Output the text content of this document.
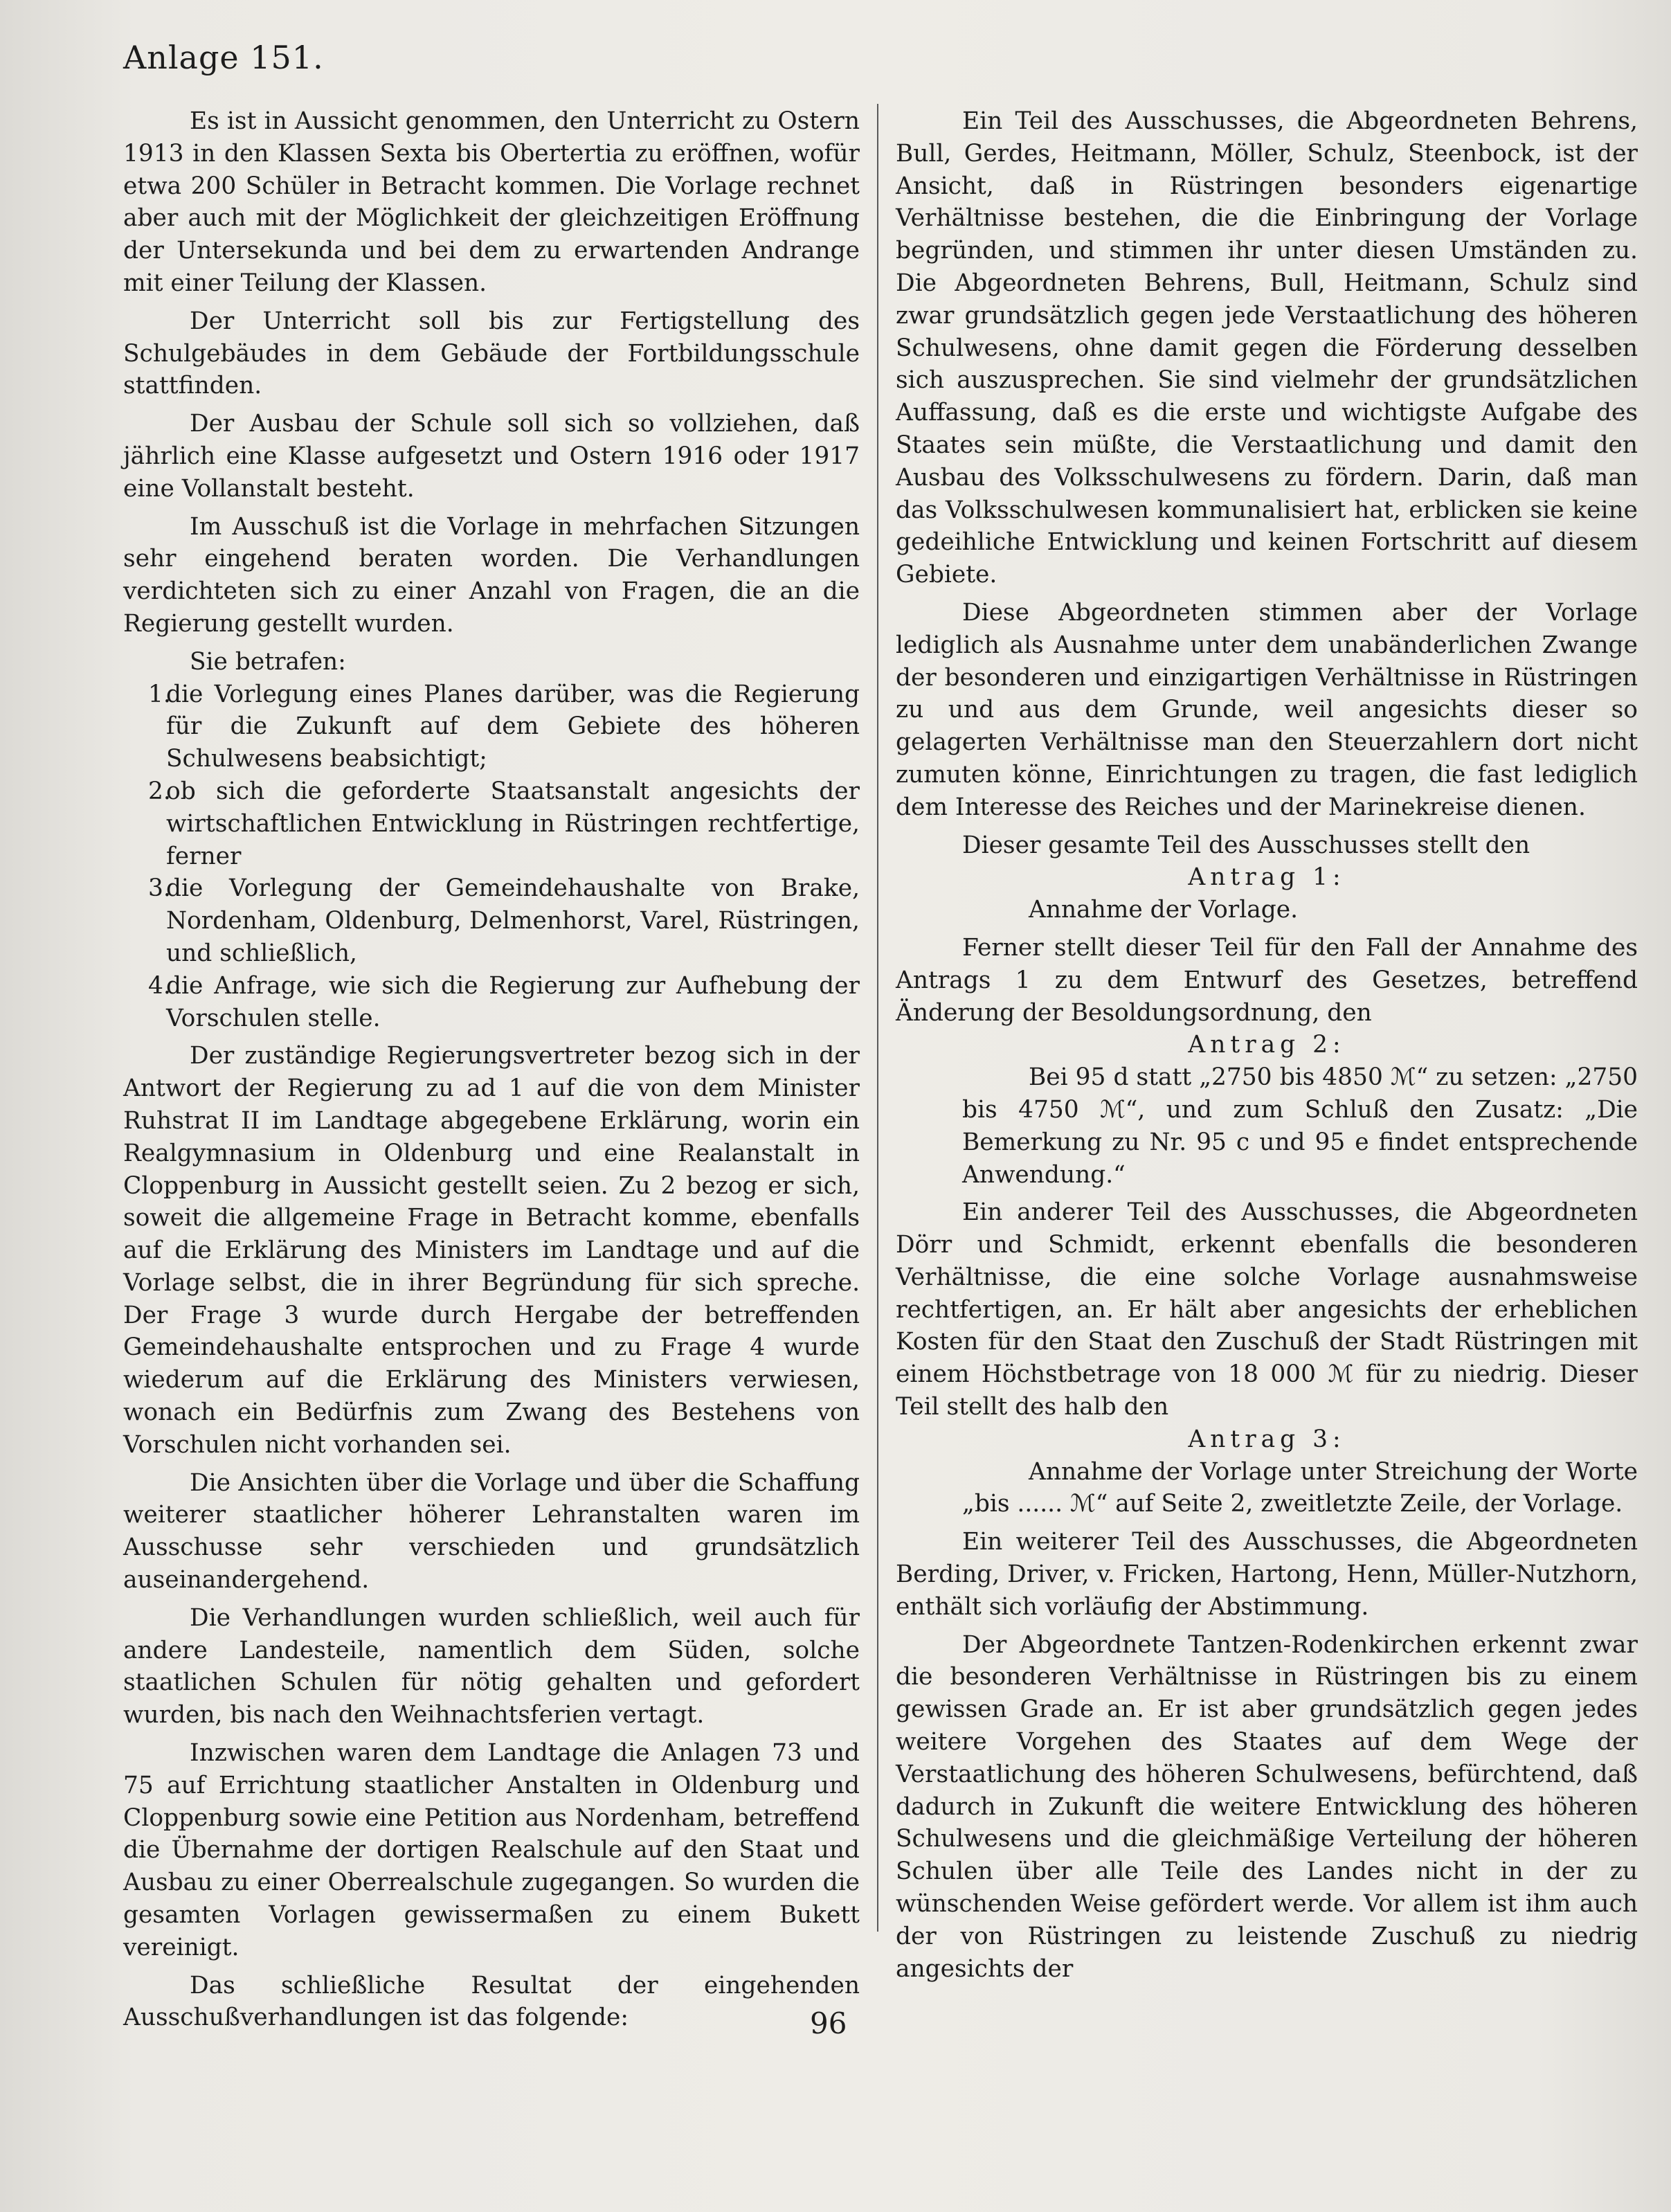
Anlage 151.

Es ist in Aussicht genommen, den Unterricht zu Ostern 1913 in den Klassen Sexta bis Obertertia zu eröffnen, wofür etwa 200 Schüler in Betracht kommen. Die Vorlage rechnet aber auch mit der Möglichkeit der gleichzeitigen Eröffnung der Untersekunda und bei dem zu erwartenden Andrange mit einer Teilung der Klassen.

Der Unterricht soll bis zur Fertigstellung des Schulgebäudes in dem Gebäude der Fortbildungsschule stattfinden.

Der Ausbau der Schule soll sich so vollziehen, daß jährlich eine Klasse aufgesetzt und Ostern 1916 oder 1917 eine Vollanstalt besteht.

Im Ausschuß ist die Vorlage in mehrfachen Sitzungen sehr eingehend beraten worden. Die Verhandlungen verdichteten sich zu einer Anzahl von Fragen, die an die Regierung gestellt wurden.

Sie betrafen:

1.
die Vorlegung eines Planes darüber, was die Regierung für die Zukunft auf dem Gebiete des höheren Schulwesens beabsichtigt;
2.
ob sich die geforderte Staatsanstalt angesichts der wirtschaftlichen Entwicklung in Rüstringen rechtfertige, ferner
3.
die Vorlegung der Gemeindehaushalte von Brake, Nordenham, Oldenburg, Delmenhorst, Varel, Rüstringen, und schließlich,
4.
die Anfrage, wie sich die Regierung zur Aufhebung der Vorschulen stelle.

Der zuständige Regierungsvertreter bezog sich in der Antwort der Regierung zu ad 1 auf die von dem Minister Ruhstrat II im Landtage abgegebene Erklärung, worin ein Realgymnasium in Oldenburg und eine Realanstalt in Cloppenburg in Aussicht gestellt seien. Zu 2 bezog er sich, soweit die allgemeine Frage in Betracht komme, ebenfalls auf die Erklärung des Ministers im Landtage und auf die Vorlage selbst, die in ihrer Begründung für sich spreche. Der Frage 3 wurde durch Hergabe der betreffenden Gemeindehaushalte entsprochen und zu Frage 4 wurde wiederum auf die Erklärung des Ministers verwiesen, wonach ein Bedürfnis zum Zwang des Bestehens von Vorschulen nicht vorhanden sei.

Die Ansichten über die Vorlage und über die Schaffung weiterer staatlicher höherer Lehranstalten waren im Ausschusse sehr verschieden und grundsätzlich auseinandergehend.

Die Verhandlungen wurden schließlich, weil auch für andere Landesteile, namentlich dem Süden, solche staatlichen Schulen für nötig gehalten und gefordert wurden, bis nach den Weihnachtsferien vertagt.

Inzwischen waren dem Landtage die Anlagen 73 und 75 auf Errichtung staatlicher Anstalten in Oldenburg und Cloppenburg sowie eine Petition aus Nordenham, betreffend die Übernahme der dortigen Realschule auf den Staat und Ausbau zu einer Oberrealschule zugegangen. So wurden die gesamten Vorlagen gewissermaßen zu einem Bukett vereinigt.

Das schließliche Resultat der eingehenden Ausschußverhandlungen ist das folgende:

Ein Teil des Ausschusses, die Abgeordneten Behrens, Bull, Gerdes, Heitmann, Möller, Schulz, Steenbock, ist der Ansicht, daß in Rüstringen besonders eigenartige Verhältnisse bestehen, die die Einbringung der Vorlage begründen, und stimmen ihr unter diesen Umständen zu. Die Abgeordneten Behrens, Bull, Heitmann, Schulz sind zwar grundsätzlich gegen jede Verstaatlichung des höheren Schulwesens, ohne damit gegen die Förderung desselben sich auszusprechen. Sie sind vielmehr der grundsätzlichen Auffassung, daß es die erste und wichtigste Aufgabe des Staates sein müßte, die Verstaatlichung und damit den Ausbau des Volksschulwesens zu fördern. Darin, daß man das Volksschulwesen kommunalisiert hat, erblicken sie keine gedeihliche Entwicklung und keinen Fortschritt auf diesem Gebiete.

Diese Abgeordneten stimmen aber der Vorlage lediglich als Ausnahme unter dem unabänderlichen Zwange der besonderen und einzigartigen Verhältnisse in Rüstringen zu und aus dem Grunde, weil angesichts dieser so gelagerten Verhältnisse man den Steuerzahlern dort nicht zumuten könne, Einrichtungen zu tragen, die fast lediglich dem Interesse des Reiches und der Marinekreise dienen.

Dieser gesamte Teil des Ausschusses stellt den

Antrag 1:

Annahme der Vorlage.

Ferner stellt dieser Teil für den Fall der Annahme des Antrags 1 zu dem Entwurf des Gesetzes, betreffend Änderung der Besoldungsordnung, den

Antrag 2:

Bei 95 d statt „2750 bis 4850 ℳ“ zu setzen: „2750 bis 4750 ℳ“, und zum Schluß den Zusatz: „Die Bemerkung zu Nr. 95 c und 95 e findet entsprechende Anwendung.“

Ein anderer Teil des Ausschusses, die Abgeordneten Dörr und Schmidt, erkennt ebenfalls die besonderen Verhältnisse, die eine solche Vorlage ausnahmsweise rechtfertigen, an. Er hält aber angesichts der erheblichen Kosten für den Staat den Zuschuß der Stadt Rüstringen mit einem Höchstbetrage von 18 000 ℳ für zu niedrig. Dieser Teil stellt des halb den

Antrag 3:

Annahme der Vorlage unter Streichung der Worte „bis ...... ℳ“ auf Seite 2, zweitletzte Zeile, der Vorlage.

Ein weiterer Teil des Ausschusses, die Abgeordneten Berding, Driver, v. Fricken, Hartong, Henn, Müller-Nutzhorn, enthält sich vorläufig der Abstimmung.

Der Abgeordnete Tantzen-Rodenkirchen erkennt zwar die besonderen Verhältnisse in Rüstringen bis zu einem gewissen Grade an. Er ist aber grundsätzlich gegen jedes weitere Vorgehen des Staates auf dem Wege der Verstaatlichung des höheren Schulwesens, befürchtend, daß dadurch in Zukunft die weitere Entwicklung des höheren Schulwesens und die gleichmäßige Verteilung der höheren Schulen über alle Teile des Landes nicht in der zu wünschenden Weise gefördert werde. Vor allem ist ihm auch der von Rüstringen zu leistende Zuschuß zu niedrig angesichts der

96
